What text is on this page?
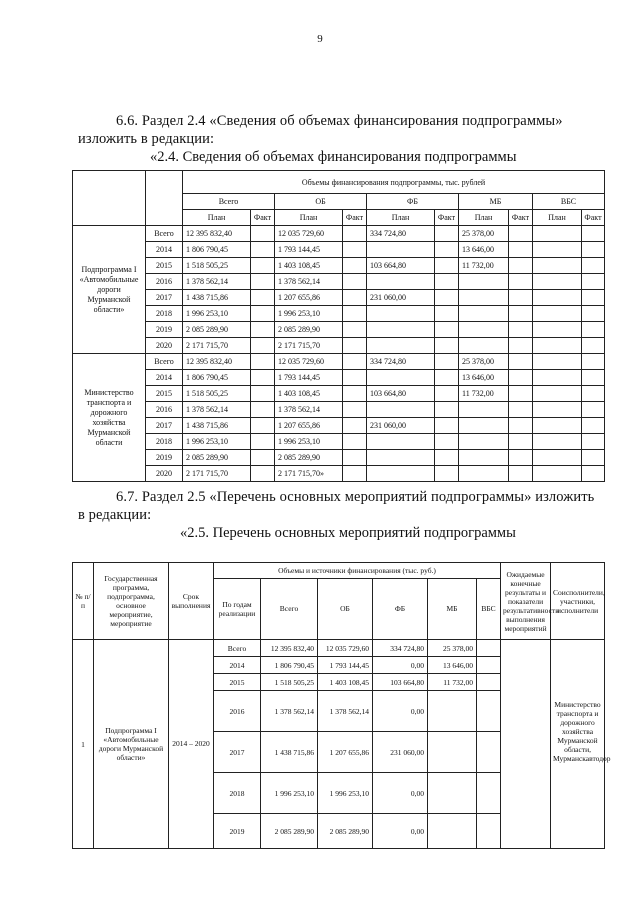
9
6.6. Раздел 2.4 «Сведения об объемах финансирования подпрограммы»
изложить в редакции:
«2.4. Сведения об объемах финансирования подпрограммы
		Объемы финансирования подпрограммы, тыс. рублей									
		Всего		ОБ		ФБ		МБ		ВБС	
		План	Факт	План	Факт	План	Факт	План	Факт	План	Факт
Подпрограмма I «Автомобильные дороги Мурманской области»	Всего	12 395 832,40		12 035 729,60		334 724,80		25 378,00			
	2014	1 806 790,45		1 793 144,45				13 646,00			
	2015	1 518 505,25		1 403 108,45		103 664,80		11 732,00			
	2016	1 378 562,14		1 378 562,14							
	2017	1 438 715,86		1 207 655,86		231 060,00					
	2018	1 996 253,10		1 996 253,10							
	2019	2 085 289,90		2 085 289,90							
	2020	2 171 715,70		2 171 715,70							
Министерство транспорта и дорожного хозяйства Мурманской области	Всего	12 395 832,40		12 035 729,60		334 724,80		25 378,00			
	2014	1 806 790,45		1 793 144,45				13 646,00			
	2015	1 518 505,25		1 403 108,45		103 664,80		11 732,00			
	2016	1 378 562,14		1 378 562,14							
	2017	1 438 715,86		1 207 655,86		231 060,00					
	2018	1 996 253,10		1 996 253,10							
	2019	2 085 289,90		2 085 289,90							
	2020	2 171 715,70		2 171 715,70»							
6.7. Раздел 2.5 «Перечень основных мероприятий подпрограммы» изложить
в редакции:
«2.5. Перечень основных мероприятий подпрограммы
№ п/п	Государственная программа, подпрограмма, основное мероприятие, мероприятие	Срок выполнения	Объемы и источники финансирования (тыс. руб.)						Ожидаемые конечные результаты и показатели результативности выполнения мероприятий	Соисполнители, участники, исполнители
			По годам реализации	Всего	ОБ	ФБ	МБ	ВБС		
1	Подпрограмма I «Автомобильные дороги Мурманской области»	2014 – 2020	Всего	12 395 832,40	12 035 729,60	334 724,80	25 378,00			Министерство транспорта и дорожного хозяйства Мурманской области, Мурманскавтодор
			2014	1 806 790,45	1 793 144,45	0,00	13 646,00			
			2015	1 518 505,25	1 403 108,45	103 664,80	11 732,00			
			2016	1 378 562,14	1 378 562,14	0,00				
			2017	1 438 715,86	1 207 655,86	231 060,00				
			2018	1 996 253,10	1 996 253,10	0,00				
			2019	2 085 289,90	2 085 289,90	0,00				
